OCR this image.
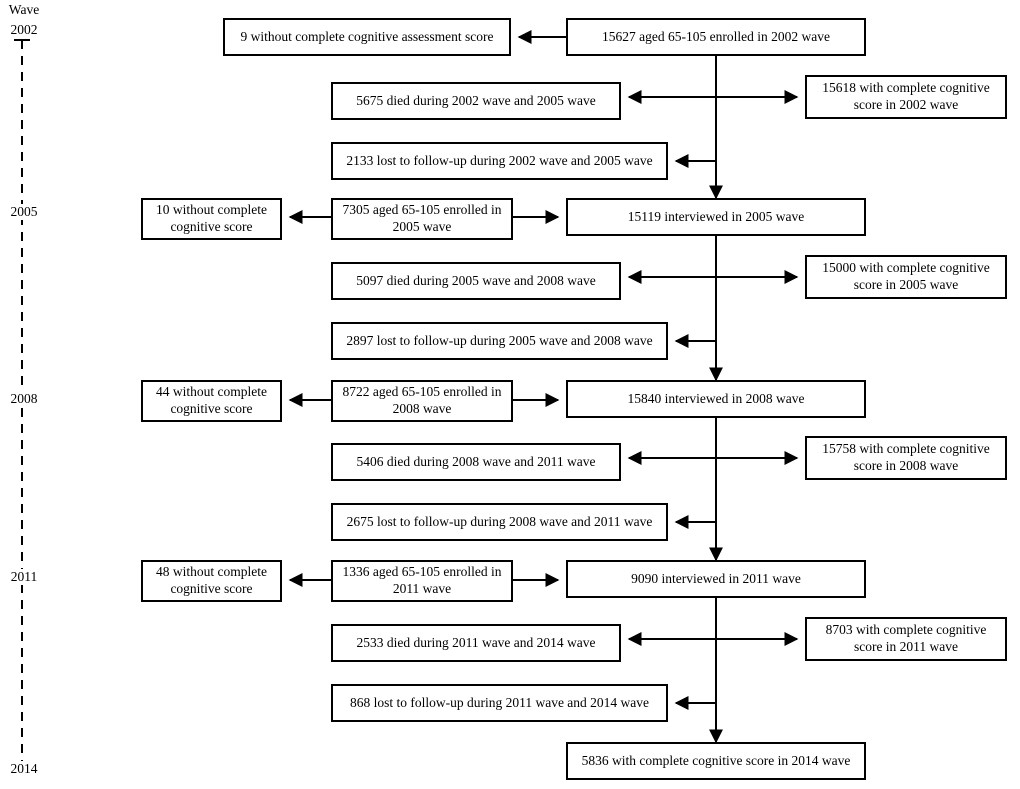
Wave
2002
2005
2008
2011
2014
9 without complete cognitive assessment score	15627 aged 65-105 enrolled in 2002 wave
5675 died during 2002 wave and 2005 wave
15618 with complete cognitive score in 2002 wave
2133 lost to follow-up during 2002 wave and 2005 wave
10 without complete cognitive score
7305 aged 65-105 enrolled in 2005 wave
15119 interviewed in 2005 wave
5097 died during 2005 wave and 2008 wave
15000 with complete cognitive score in 2005 wave
2897 lost to follow-up during 2005 wave and 2008 wave
44 without complete cognitive score
8722 aged 65-105 enrolled in 2008 wave
15840 interviewed in 2008 wave
5406 died during 2008 wave and 2011 wave
15758 with complete cognitive score in 2008 wave
2675 lost to follow-up during 2008 wave and 2011 wave
48 without complete cognitive score
1336 aged 65-105 enrolled in 2011 wave
9090 interviewed in 2011 wave
2533 died during 2011 wave and 2014 wave
8703 with complete cognitive score in 2011 wave
868 lost to follow-up during 2011 wave and 2014 wave
5836 with complete cognitive score in 2014 wave
